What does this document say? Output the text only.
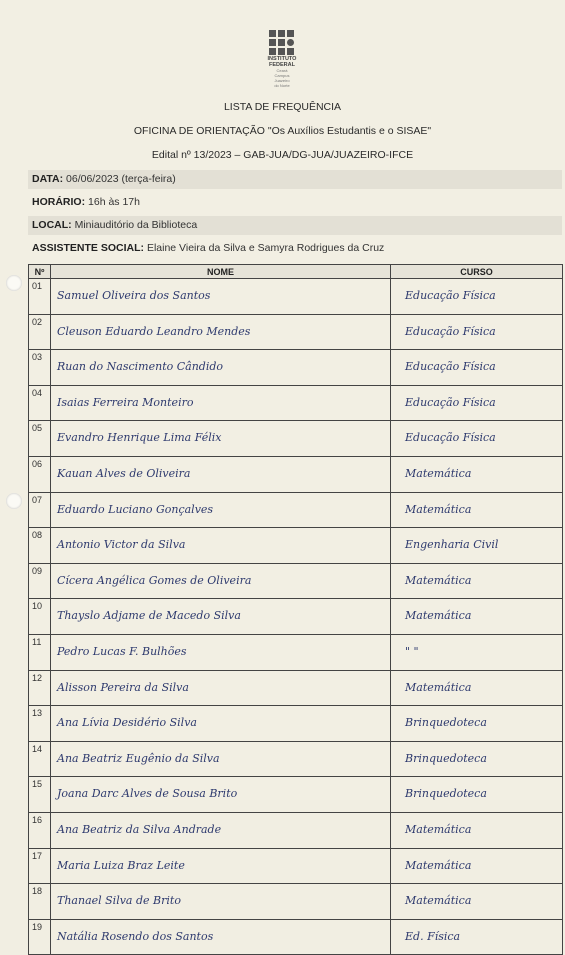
INSTITUTO
FEDERAL
Ceará
Campus
Juazeiro
do Norte
LISTA DE FREQUÊNCIA
OFICINA DE ORIENTAÇÃO "Os Auxílios Estudantis e o SISAE"
Edital nº 13/2023 – GAB-JUA/DG-JUA/JUAZEIRO-IFCE
DATA: 06/06/2023 (terça-feira)
HORÁRIO: 16h às 17h
LOCAL: Miniauditório da Biblioteca
ASSISTENTE SOCIAL: Elaine Vieira da Silva e Samyra Rodrigues da Cruz
Nº	NOME	CURSO
01	Samuel Oliveira dos Santos	Educação Física
02	Cleuson Eduardo Leandro Mendes	Educação Física
03	Ruan do Nascimento Cândido	Educação Física
04	Isaias Ferreira Monteiro	Educação Física
05	Evandro Henrique Lima Félix	Educação Física
06	Kauan Alves de Oliveira	Matemática
07	Eduardo Luciano Gonçalves	Matemática
08	Antonio Victor da Silva	Engenharia Civil
09	Cícera Angélica Gomes de Oliveira	Matemática
10	Thayslo Adjame de Macedo Silva	Matemática
11	Pedro Lucas F. Bulhões	" "
12	Alisson Pereira da Silva	Matemática
13	Ana Lívia Desidério Silva	Brinquedoteca
14	Ana Beatriz Eugênio da Silva	Brinquedoteca
15	Joana Darc Alves de Sousa Brito	Brinquedoteca
16	Ana Beatriz da Silva Andrade	Matemática
17	Maria Luiza Braz Leite	Matemática
18	Thanael Silva de Brito	Matemática
19	Natália Rosendo dos Santos	Ed. Física
